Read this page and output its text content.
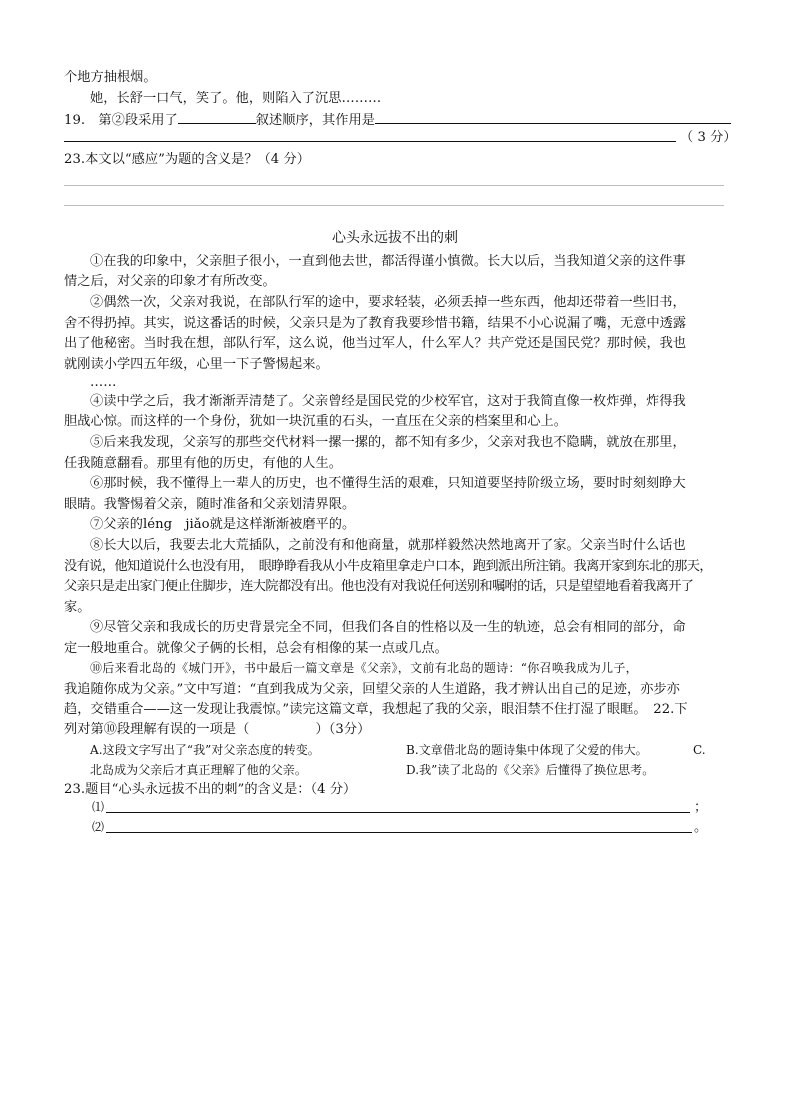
个地方抽根烟。
她，长舒一口气，笑了。他，则陷入了沉思………
19.　第②段采用了	叙述顺序，其作用是
（ 3 分）
23.本文以“感应”为题的含义是？（4 分）
心头永远拔不出的刺
①在我的印象中，父亲胆子很小，一直到他去世，都活得谨小慎微。长大以后，当我知道父亲的这件事
情之后，对父亲的印象才有所改变。
②偶然一次，父亲对我说，在部队行军的途中，要求轻装，必须丢掉一些东西，他却还带着一些旧书，
舍不得扔掉。其实，说这番话的时候，父亲只是为了教育我要珍惜书籍，结果不小心说漏了嘴，无意中透露
出了他秘密。当时我在想，部队行军，这么说，他当过军人，什么军人？共产党还是国民党？那时候，我也
就刚读小学四五年级，心里一下子警惕起来。
……
④读中学之后，我才渐渐弄清楚了。父亲曾经是国民党的少校军官，这对于我简直像一枚炸弹，炸得我
胆战心惊。而这样的一个身份，犹如一块沉重的石头，一直压在父亲的档案里和心上。
⑤后来我发现，父亲写的那些交代材料一摞一摞的，都不知有多少，父亲对我也不隐瞒，就放在那里，
任我随意翻看。那里有他的历史，有他的人生。
⑥那时候，我不懂得上一辈人的历史，也不懂得生活的艰难，只知道要坚持阶级立场，要时时刻刻睁大
眼睛。我警惕着父亲，随时准备和父亲划清界限。
⑦父亲的léng　jiǎo就是这样渐渐被磨平的。
⑧长大以后，我要去北大荒插队，之前没有和他商量，就那样毅然决然地离开了家。父亲当时什么话也
没有说，他知道说什么也没有用，　眼睁睁看我从小牛皮箱里拿走户口本，跑到派出所注销。我离开家到东北的那天，
父亲只是走出家门便止住脚步，连大院都没有出。他也没有对我说任何送别和嘱咐的话，只是望望地看着我离开了
家。
⑨尽管父亲和我成长的历史背景完全不同，但我们各自的性格以及一生的轨迹，总会有相同的部分，命
定一般地重合。就像父子俩的长相，总会有相像的某一点或几点。
⑩后来看北岛的《城门开》，书中最后一篇文章是《父亲》，文前有北岛的题诗：“你召唤我成为儿子，
我追随你成为父亲。”文中写道：“直到我成为父亲，回望父亲的人生道路，我才辨认出自己的足迹，亦步亦
趋，交错重合——这一发现让我震惊。”读完这篇文章，我想起了我的父亲，眼泪禁不住打湿了眼眶。　22.下
列对第⑩段理解有误的一项是（　　　　　）（3分）
A.这段文字写出了“我”对父亲态度的转变。	B.文章借北岛的题诗集中体现了父爱的伟大。	C.
北岛成为父亲后才真正理解了他的父亲。	D.我”读了北岛的《父亲》后懂得了换位思考。
23.题目“心头永远拔不出的刺”的含义是：（4 分）
⑴	；
⑵	。
